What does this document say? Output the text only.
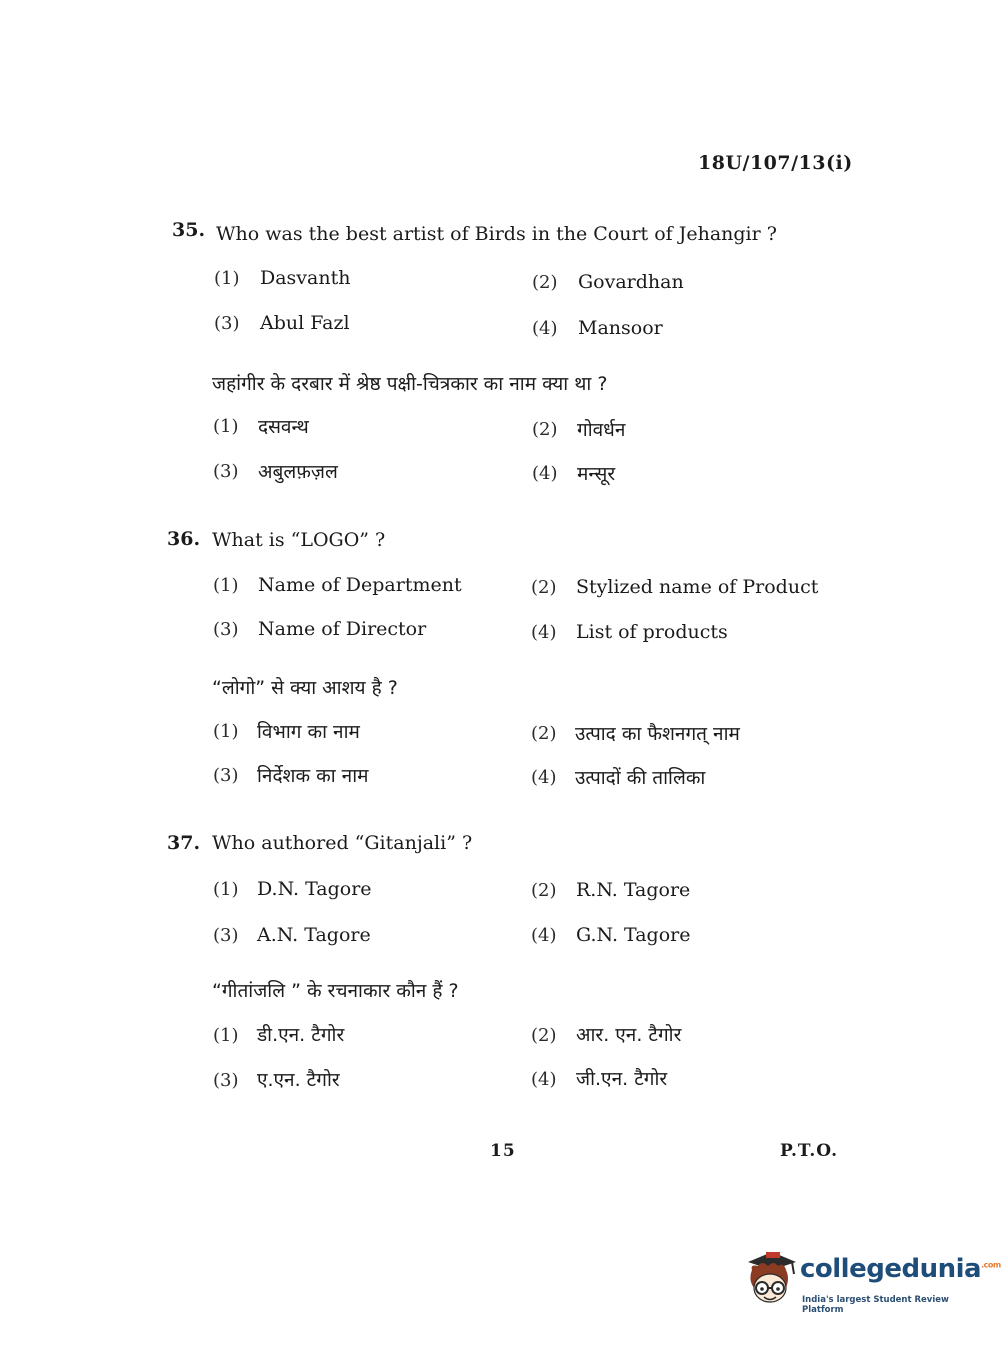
18U/107/13(i)
35. Who was the best artist of Birds in the Court of Jehangir ?
(1) Dasvanth	(2) Govardhan
(3) Abul Fazl	(4) Mansoor
जहांगीर के दरबार में श्रेष्ठ पक्षी-चित्रकार का नाम क्या था ?
(1) दसवन्थ	(2) गोवर्धन
(3) अबुलफ़ज़ल	(4) मन्सूर
36. What is “LOGO” ?
(1) Name of Department	(2) Stylized name of Product
(3) Name of Director	(4) List of products
“लोगो” से क्या आशय है ?
(1) विभाग का नाम	(2) उत्पाद का फैशनगत् नाम
(3) निर्देशक का नाम	(4) उत्पादों की तालिका
37. Who authored “Gitanjali” ?
(1) D.N. Tagore	(2) R.N. Tagore
(3) A.N. Tagore	(4) G.N. Tagore
“गीतांजलि ” के रचनाकार कौन हैं ?
(1) डी.एन. टैगोर	(2) आर. एन. टैगोर
(3) ए.एन. टैगोर	(4) जी.एन. टैगोर
15	P.T.O.
collegedunia$^{.com}$
India's largest Student Review Platform
